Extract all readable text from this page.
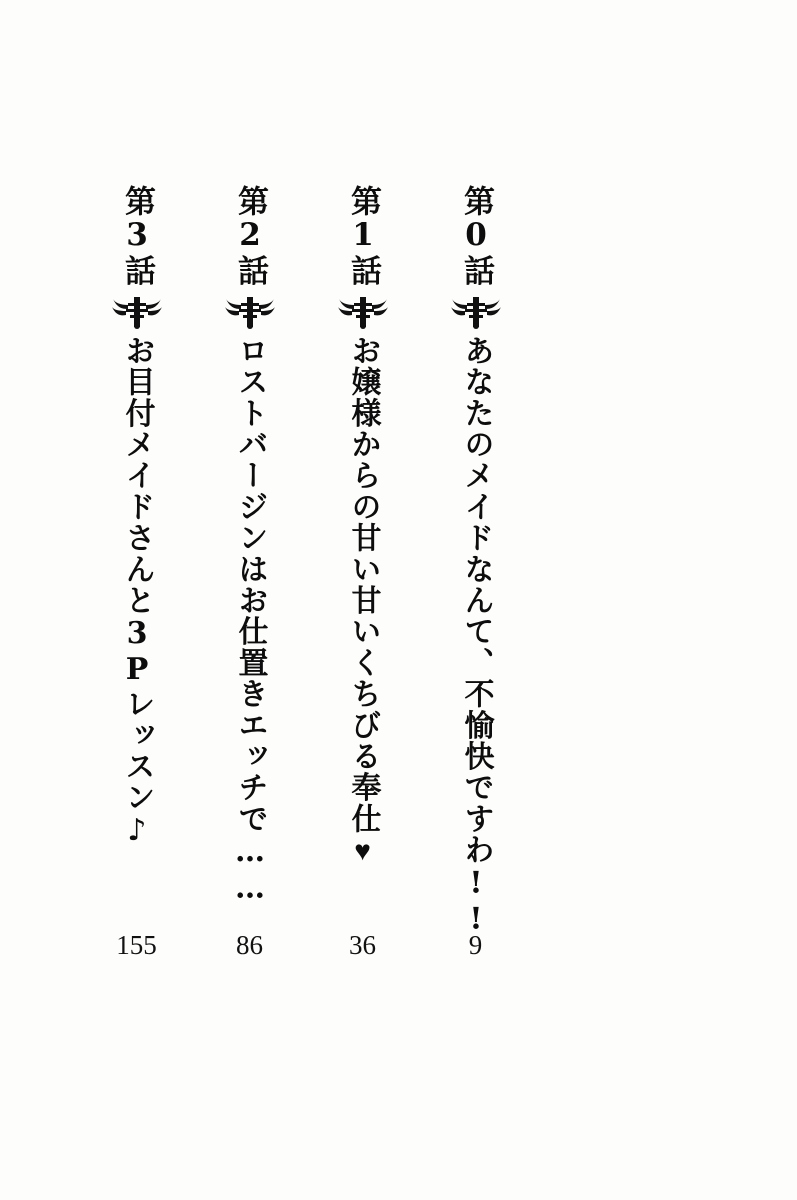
第0話
あなたのメイドなんて、不愉快ですわ!!
第1話
お嬢様からの甘い甘いくちびる奉仕
♥
第2話
ロストバージンはお仕置きエッチで……
第3話
お目付メイドさんと3Pレッスン♪
9
36
86
155
